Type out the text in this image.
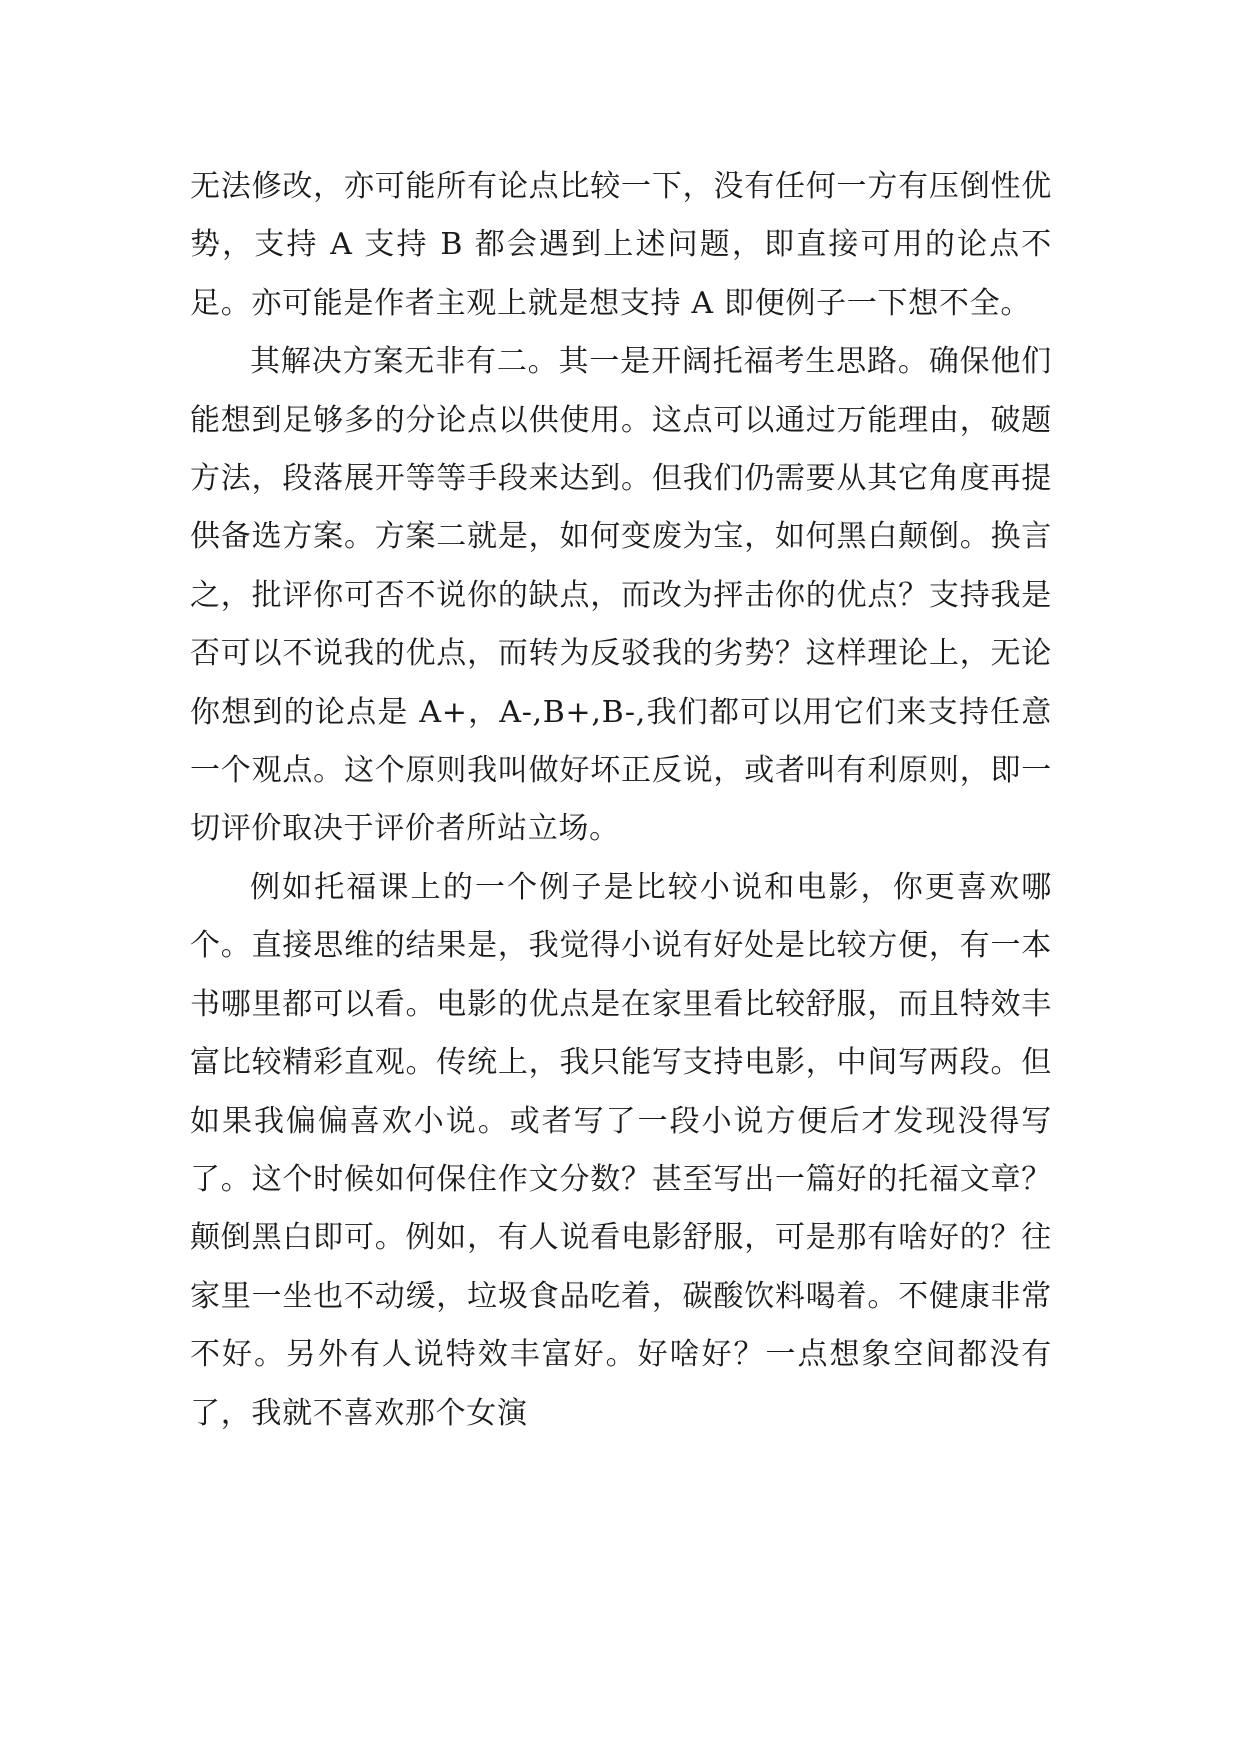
无法修改，亦可能所有论点比较一下，没有任何一方有压倒性优势，支持 A 支持 B 都会遇到上述问题，即直接可用的论点不足。亦可能是作者主观上就是想支持 A 即便例子一下想不全。

其解决方案无非有二。其一是开阔托福考生思路。确保他们能想到足够多的分论点以供使用。这点可以通过万能理由，破题方法，段落展开等等手段来达到。但我们仍需要从其它角度再提供备选方案。方案二就是，如何变废为宝，如何黑白颠倒。换言之，批评你可否不说你的缺点，而改为抨击你的优点？支持我是否可以不说我的优点，而转为反驳我的劣势？这样理论上，无论你想到的论点是 A+，A-,B+,B-,我们都可以用它们来支持任意一个观点。这个原则我叫做好坏正反说，或者叫有利原则，即一切评价取决于评价者所站立场。

例如托福课上的一个例子是比较小说和电影，你更喜欢哪个。直接思维的结果是，我觉得小说有好处是比较方便，有一本书哪里都可以看。电影的优点是在家里看比较舒服，而且特效丰富比较精彩直观。传统上，我只能写支持电影，中间写两段。但如果我偏偏喜欢小说。或者写了一段小说方便后才发现没得写了。这个时候如何保住作文分数？甚至写出一篇好的托福文章？颠倒黑白即可。例如，有人说看电影舒服，可是那有啥好的？往家里一坐也不动缓，垃圾食品吃着，碳酸饮料喝着。不健康非常不好。另外有人说特效丰富好。好啥好？一点想象空间都没有了，我就不喜欢那个女演
